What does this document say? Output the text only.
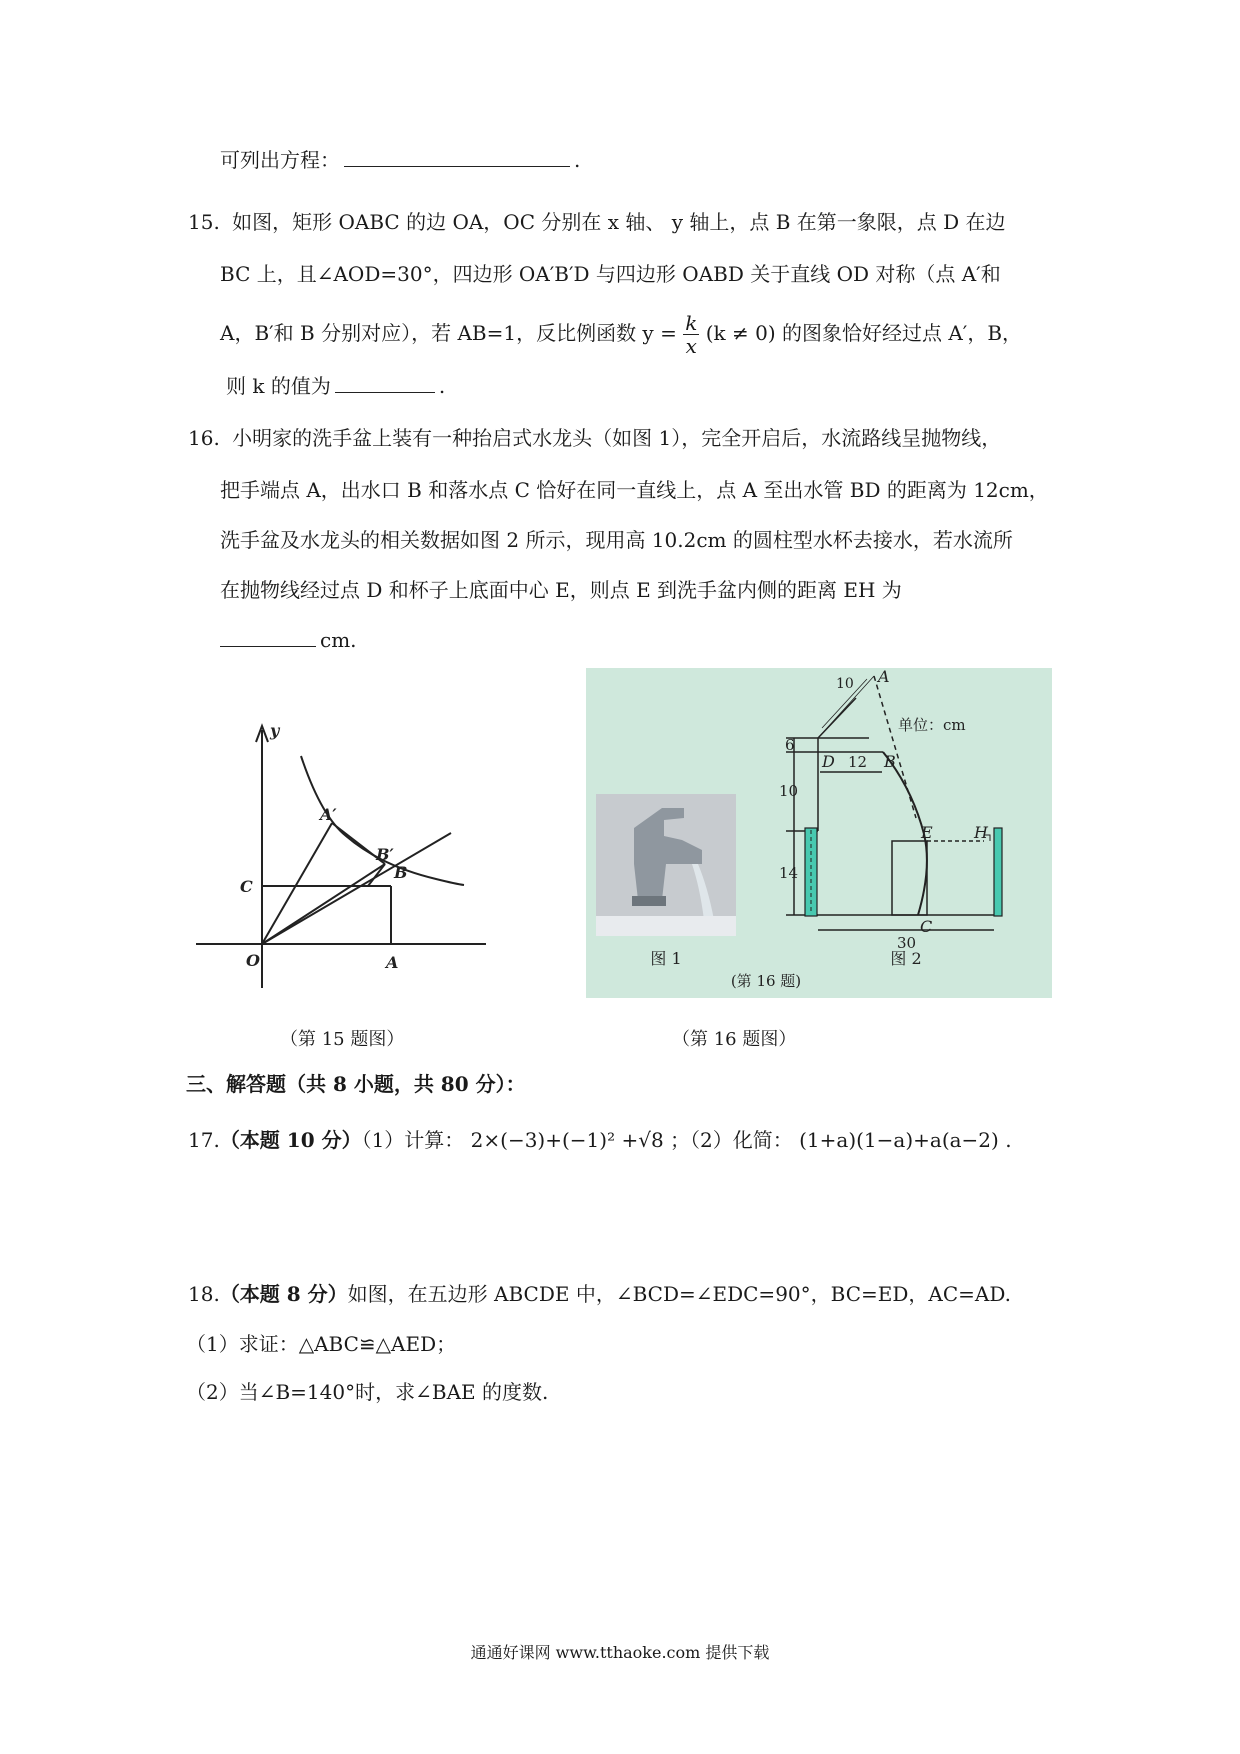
可列出方程：	.
15. 如图，矩形 OABC 的边 OA，OC 分别在 x 轴、 y 轴上，点 B 在第一象限，点 D 在边
BC 上，且∠AOD=30°，四边形 OA′B′D 与四边形 OABD 关于直线 OD 对称（点 A′和
A，B′和 B 分别对应），若 AB=1，反比例函数 $y = \frac{k}{x} (k \ne 0)$ 的图象恰好经过点 A′，B，
则 k 的值为	.
16. 小明家的洗手盆上装有一种抬启式水龙头（如图 1），完全开启后，水流路线呈抛物线，
把手端点 A，出水口 B 和落水点 C 恰好在同一直线上，点 A 至出水管 BD 的距离为 12cm，
洗手盆及水龙头的相关数据如图 2 所示，现用高 10.2cm 的圆柱型水杯去接水，若水流所
在抛物线经过点 D 和杯子上底面中心 E，则点 E 到洗手盆内侧的距离 EH 为
cm.
y
O	A
B
C
A′
B′
（第 15 题图）
图 1
单位：cm
10
6
12
10
14
30
A
B
C
D
E	H
图 2
(第 16 题)
（第 16 题图）
三、解答题（共 8 小题，共 80 分）：
17.（本题 10 分）（1）计算： 2×(−3)+(−1)² +√8 ；（2）化简： (1+a)(1−a)+a(a−2) .
18.（本题 8 分）如图，在五边形 ABCDE 中，∠BCD=∠EDC=90°，BC=ED，AC=AD.
（1）求证：△ABC≌△AED；
（2）当∠B=140°时，求∠BAE 的度数.
通通好课网 www.tthaoke.com 提供下载
